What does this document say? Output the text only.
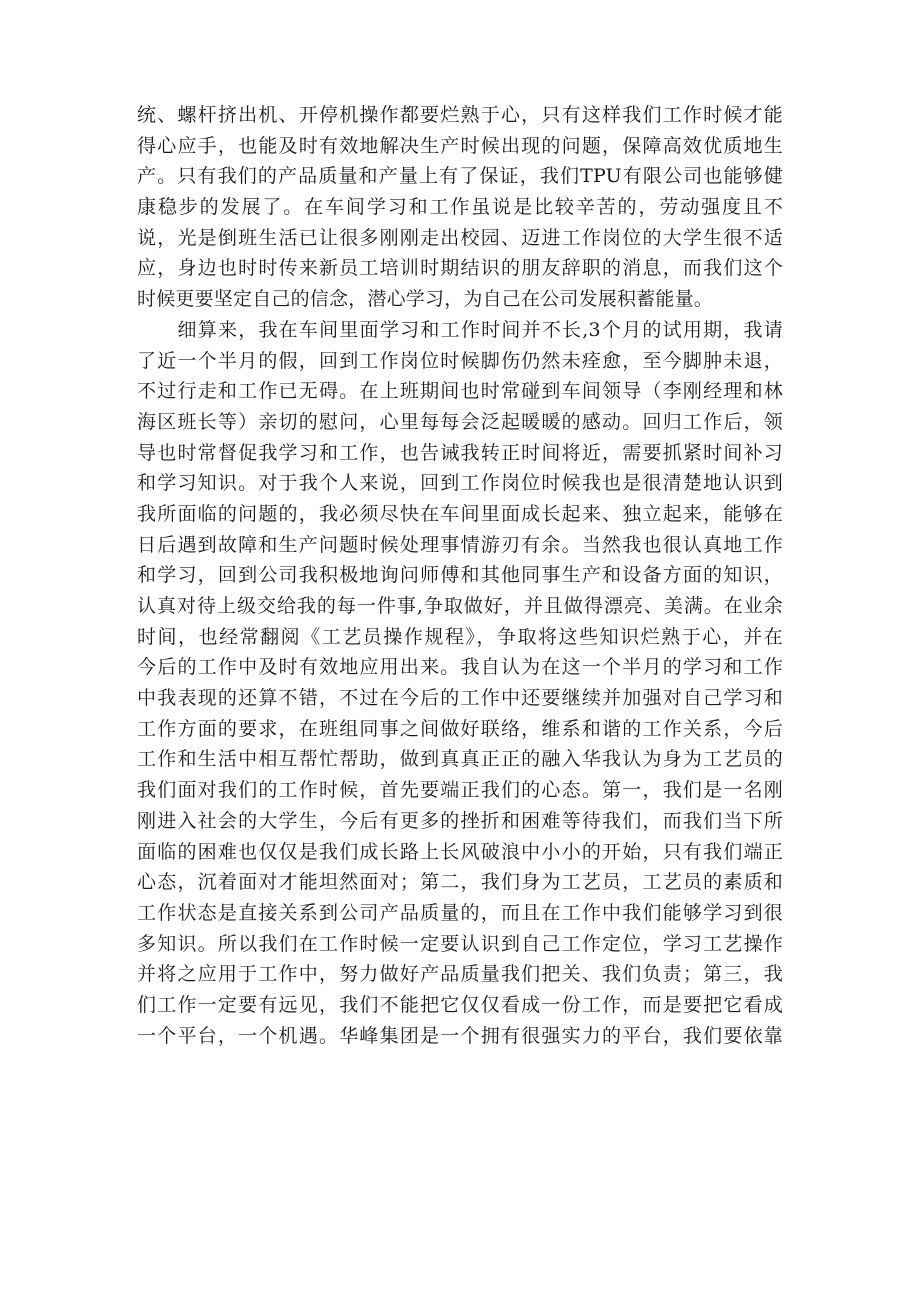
统、螺杆挤出机、开停机操作都要烂熟于心，只有这样我们工作时候才能
得心应手，也能及时有效地解决生产时候出现的问题，保障高效优质地生
产。只有我们的产品质量和产量上有了保证，我们TPU有限公司也能够健
康稳步的发展了。在车间学习和工作虽说是比较辛苦的，劳动强度且不
说，光是倒班生活已让很多刚刚走出校园、迈进工作岗位的大学生很不适
应，身边也时时传来新员工培训时期结识的朋友辞职的消息，而我们这个
时候更要坚定自己的信念，潜心学习，为自己在公司发展积蓄能量。
　　细算来，我在车间里面学习和工作时间并不长,3个月的试用期，我请
了近一个半月的假，回到工作岗位时候脚伤仍然未痊愈，至今脚肿未退，
不过行走和工作已无碍。在上班期间也时常碰到车间领导（李刚经理和林
海区班长等）亲切的慰问，心里每每会泛起暖暖的感动。回归工作后，领
导也时常督促我学习和工作，也告诫我转正时间将近，需要抓紧时间补习
和学习知识。对于我个人来说，回到工作岗位时候我也是很清楚地认识到
我所面临的问题的，我必须尽快在车间里面成长起来、独立起来，能够在
日后遇到故障和生产问题时候处理事情游刃有余。当然我也很认真地工作
和学习，回到公司我积极地询问师傅和其他同事生产和设备方面的知识，
认真对待上级交给我的每一件事,争取做好，并且做得漂亮、美满。在业余
时间，也经常翻阅《工艺员操作规程》，争取将这些知识烂熟于心，并在
今后的工作中及时有效地应用出来。我自认为在这一个半月的学习和工作
中我表现的还算不错，不过在今后的工作中还要继续并加强对自己学习和
工作方面的要求，在班组同事之间做好联络，维系和谐的工作关系，今后
工作和生活中相互帮忙帮助，做到真真正正的融入华我认为身为工艺员的
我们面对我们的工作时候，首先要端正我们的心态。第一，我们是一名刚
刚进入社会的大学生，今后有更多的挫折和困难等待我们，而我们当下所
面临的困难也仅仅是我们成长路上长风破浪中小小的开始，只有我们端正
心态，沉着面对才能坦然面对；第二，我们身为工艺员，工艺员的素质和
工作状态是直接关系到公司产品质量的，而且在工作中我们能够学习到很
多知识。所以我们在工作时候一定要认识到自己工作定位，学习工艺操作
并将之应用于工作中，努力做好产品质量我们把关、我们负责；第三，我
们工作一定要有远见，我们不能把它仅仅看成一份工作，而是要把它看成
一个平台，一个机遇。华峰集团是一个拥有很强实力的平台，我们要依靠
